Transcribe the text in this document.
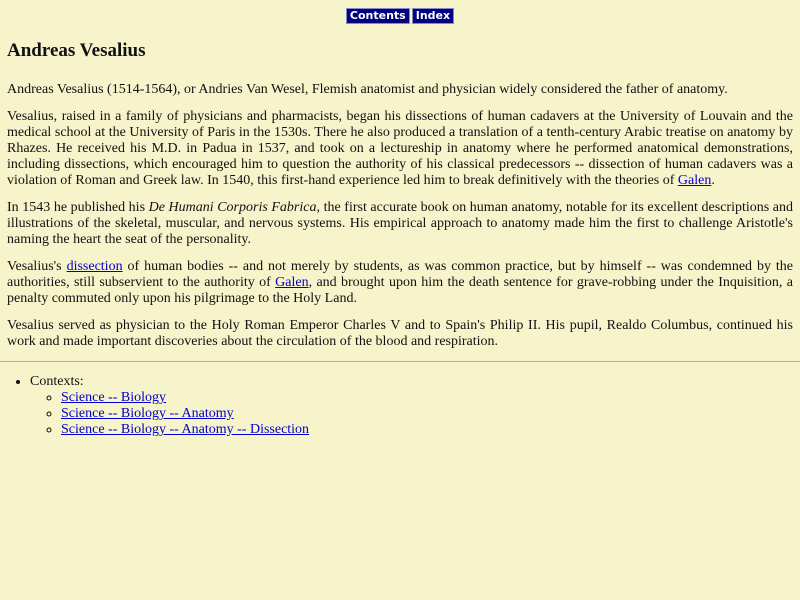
Contents Index
Andreas Vesalius

Andreas Vesalius (1514-1564), or Andries Van Wesel, Flemish anatomist and physician widely considered the father of anatomy.

Vesalius, raised in a family of physicians and pharmacists, began his dissections of human cadavers at the University of Louvain and the medical school at the University of Paris in the 1530s. There he also produced a translation of a tenth-century Arabic treatise on anatomy by Rhazes. He received his M.D. in Padua in 1537, and took on a lectureship in anatomy where he performed anatomical demonstrations, including dissections, which encouraged him to question the authority of his classical predecessors -- dissection of human cadavers was a violation of Roman and Greek law. In 1540, this first-hand experience led him to break definitively with the theories of Galen.

In 1543 he published his De Humani Corporis Fabrica, the first accurate book on human anatomy, notable for its excellent descriptions and illustrations of the skeletal, muscular, and nervous systems. His empirical approach to anatomy made him the first to challenge Aristotle's naming the heart the seat of the personality.

Vesalius's dissection of human bodies -- and not merely by students, as was common practice, but by himself -- was condemned by the authorities, still subservient to the authority of Galen, and brought upon him the death sentence for grave-robbing under the Inquisition, a penalty commuted only upon his pilgrimage to the Holy Land.

Vesalius served as physician to the Holy Roman Emperor Charles V and to Spain's Philip II. His pupil, Realdo Columbus, continued his work and made important discoveries about the circulation of the blood and respiration.

• Contexts:
◦ Science -- Biology
◦ Science -- Biology -- Anatomy
◦ Science -- Biology -- Anatomy -- Dissection
